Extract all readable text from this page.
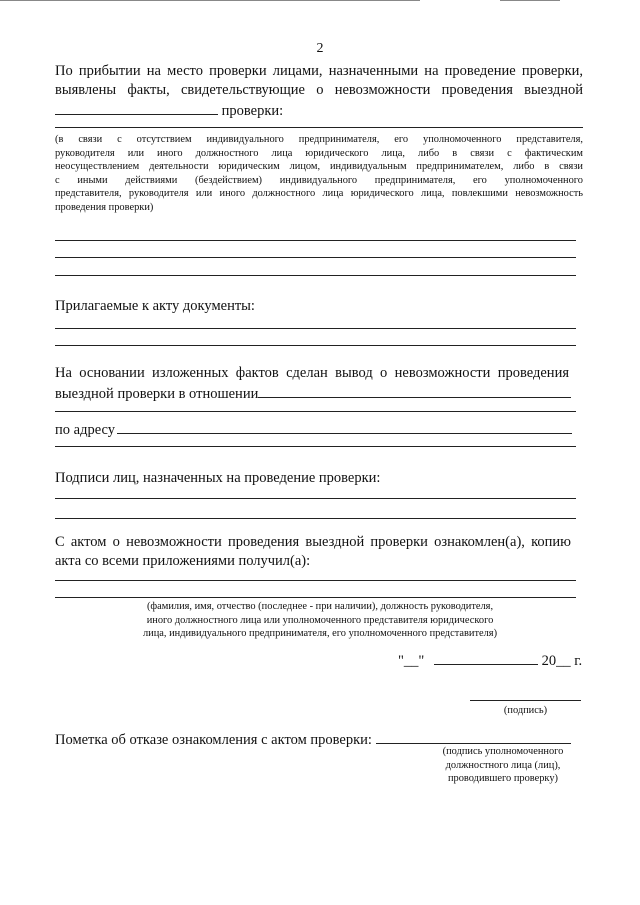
2
По прибытии на место проверки лицами, назначенными на проведение проверки,
выявлены факты, свидетельствующие о невозможности проведения выездной
проверки:
(в связи с отсутствием индивидуального предпринимателя, его уполномоченного представителя,
руководителя или иного должностного лица юридического лица, либо в связи с фактическим
неосуществлением деятельности юридическим лицом, индивидуальным предпринимателем, либо в связи
с иными действиями (бездействием) индивидуального предпринимателя, его уполномоченного
представителя, руководителя или иного должностного лица юридического лица, повлекшими невозможность
проведения проверки)
Прилагаемые к акту документы:
На основании изложенных фактов сделан вывод о невозможности проведения
выездной проверки в отношении
по адресу
Подписи лиц, назначенных на проведение проверки:
С актом о невозможности проведения выездной проверки ознакомлен(а), копию
акта со всеми приложениями получил(а):
(фамилия, имя, отчество (последнее - при наличии), должность руководителя,
иного должностного лица или уполномоченного представителя юридического
лица, индивидуального предпринимателя, его уполномоченного представителя)
"__"	20__ г.
(подпись)
Пометка об отказе ознакомления с актом проверки:
(подпись уполномоченного
должностного лица (лиц),
проводившего проверку)
